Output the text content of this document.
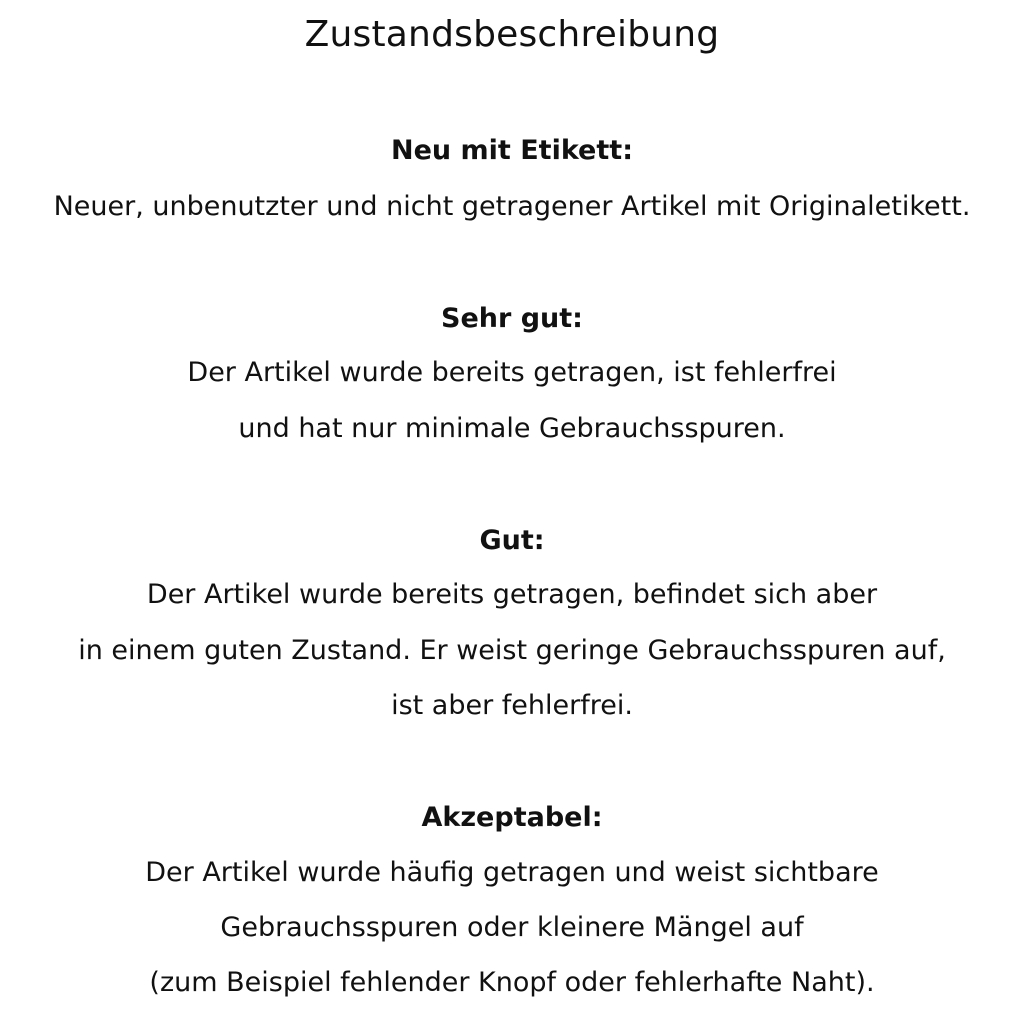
Zustandsbeschreibung

Neu mit Etikett:

Neuer, unbenutzter und nicht getragener Artikel mit Originaletikett.

Sehr gut:

Der Artikel wurde bereits getragen, ist fehlerfrei

und hat nur minimale Gebrauchsspuren.

Gut:

Der Artikel wurde bereits getragen, befindet sich aber

in einem guten Zustand. Er weist geringe Gebrauchsspuren auf,

ist aber fehlerfrei.

Akzeptabel:

Der Artikel wurde häufig getragen und weist sichtbare

Gebrauchsspuren oder kleinere Mängel auf

(zum Beispiel fehlender Knopf oder fehlerhafte Naht).
